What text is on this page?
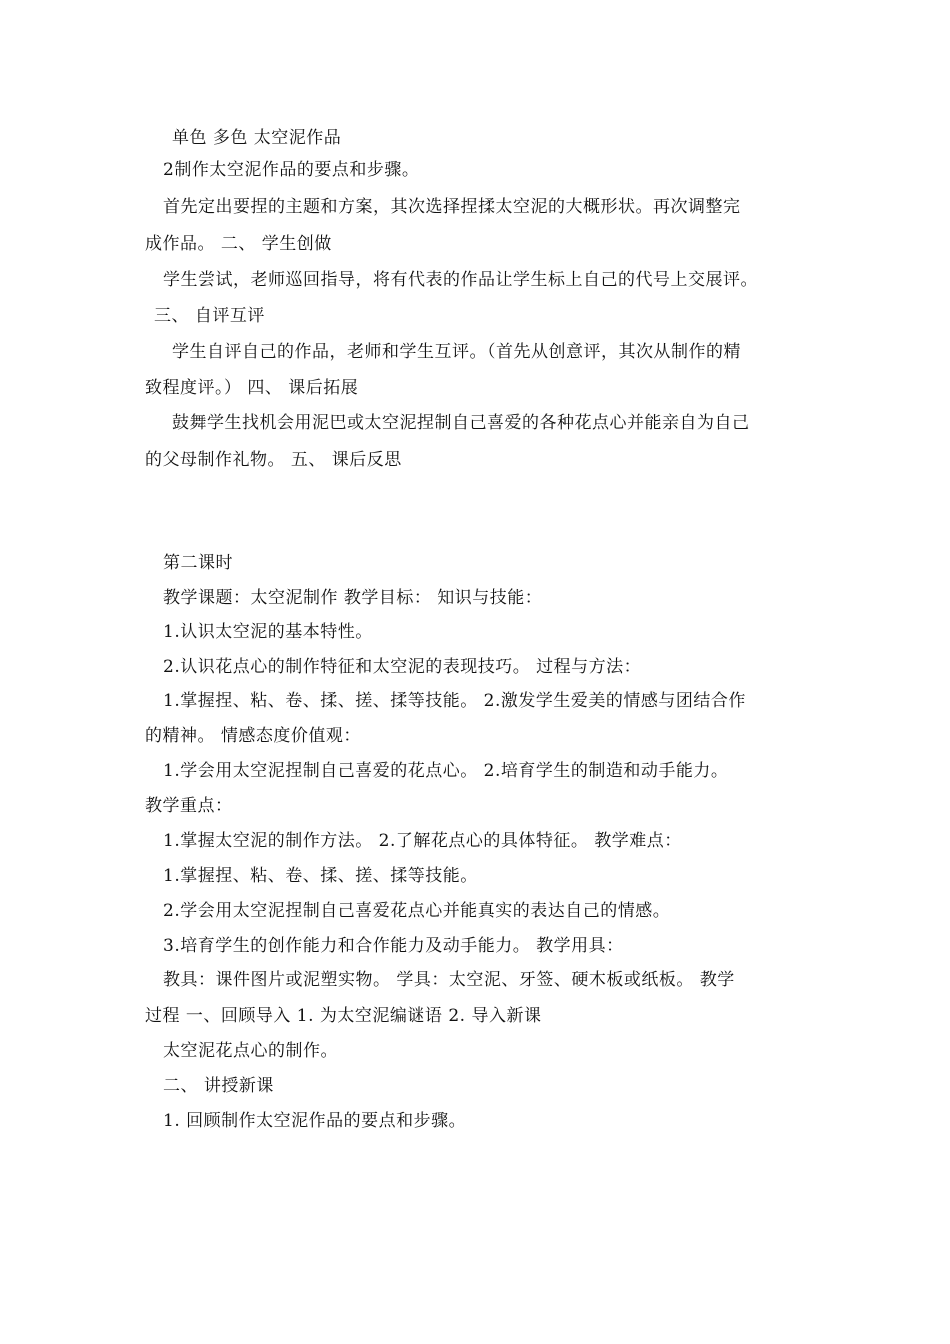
单色 多色 太空泥作品
2制作太空泥作品的要点和步骤。
首先定出要捏的主题和方案，其次选择捏揉太空泥的大概形状。再次调整完
成作品。 二、 学生创做
学生尝试，老师巡回指导，将有代表的作品让学生标上自己的代号上交展评。
三、 自评互评
学生自评自己的作品，老师和学生互评。（首先从创意评，其次从制作的精
致程度评。） 四、 课后拓展
鼓舞学生找机会用泥巴或太空泥捏制自己喜爱的各种花点心并能亲自为自己
的父母制作礼物。 五、 课后反思
第二课时
教学课题：太空泥制作 教学目标： 知识与技能：
1.认识太空泥的基本特性。
2.认识花点心的制作特征和太空泥的表现技巧。 过程与方法：
1.掌握捏、粘、卷、揉、搓、揉等技能。 2.激发学生爱美的情感与团结合作
的精神。 情感态度价值观：
1.学会用太空泥捏制自己喜爱的花点心。 2.培育学生的制造和动手能力。
教学重点：
1.掌握太空泥的制作方法。 2.了解花点心的具体特征。 教学难点：
1.掌握捏、粘、卷、揉、搓、揉等技能。
2.学会用太空泥捏制自己喜爱花点心并能真实的表达自己的情感。
3.培育学生的创作能力和合作能力及动手能力。 教学用具：
教具：课件图片或泥塑实物。 学具：太空泥、牙签、硬木板或纸板。 教学
过程 一、回顾导入 1. 为太空泥编谜语 2. 导入新课
太空泥花点心的制作。
二、 讲授新课
1. 回顾制作太空泥作品的要点和步骤。
